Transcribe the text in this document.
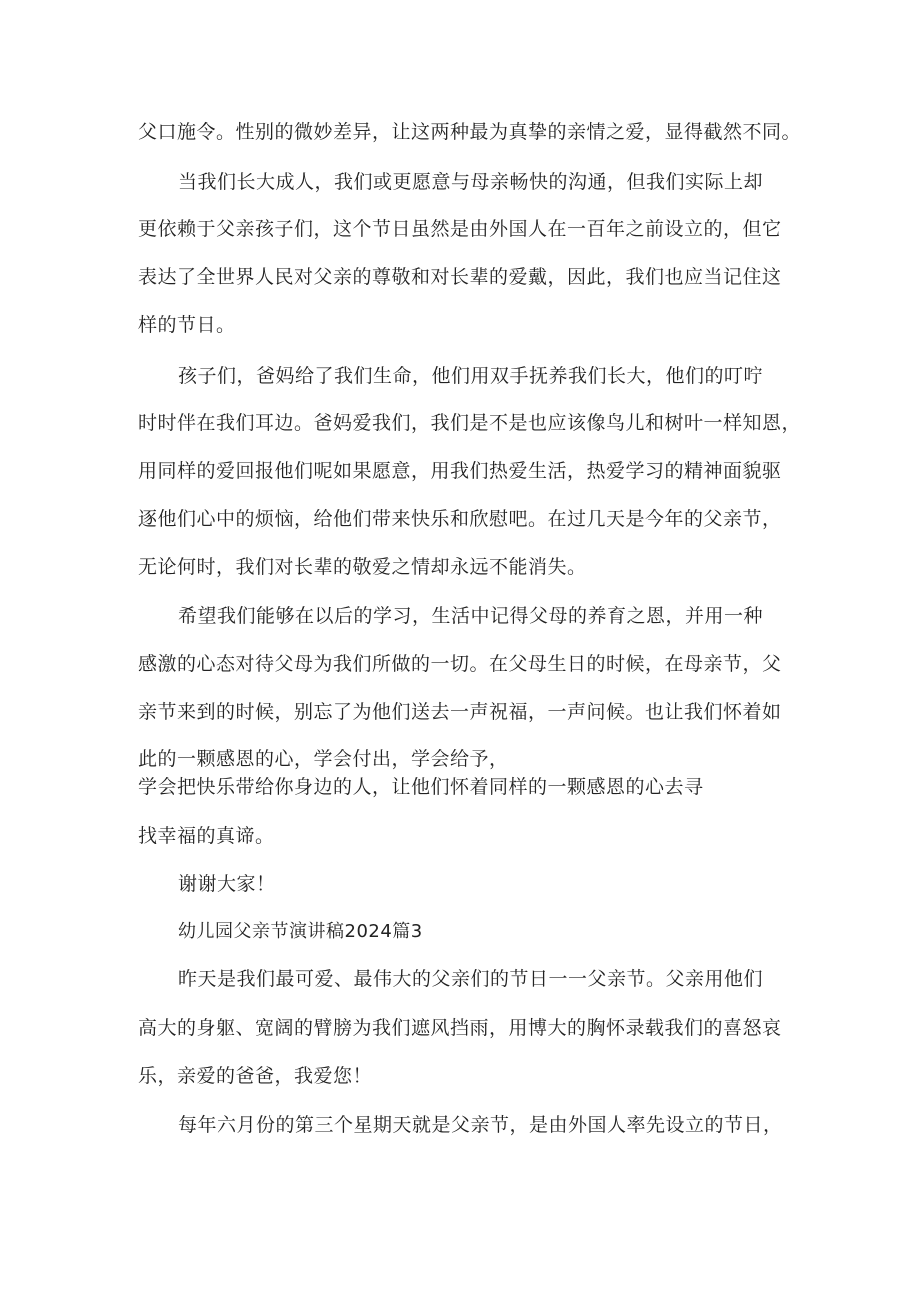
父口施令。性别的微妙差异，让这两种最为真挚的亲情之爱，显得截然不同。
当我们长大成人，我们或更愿意与母亲畅快的沟通，但我们实际上却
更依赖于父亲孩子们，这个节日虽然是由外国人在一百年之前设立的，但它
表达了全世界人民对父亲的尊敬和对长辈的爱戴，因此，我们也应当记住这
样的节日。
孩子们，爸妈给了我们生命，他们用双手抚养我们长大，他们的叮咛
时时伴在我们耳边。爸妈爱我们，我们是不是也应该像鸟儿和树叶一样知恩，
用同样的爱回报他们呢如果愿意，用我们热爱生活，热爱学习的精神面貌驱
逐他们心中的烦恼，给他们带来快乐和欣慰吧。在过几天是今年的父亲节，
无论何时，我们对长辈的敬爱之情却永远不能消失。
希望我们能够在以后的学习，生活中记得父母的养育之恩，并用一种
感激的心态对待父母为我们所做的一切。在父母生日的时候，在母亲节，父
亲节来到的时候，别忘了为他们送去一声祝福，一声问候。也让我们怀着如
此的一颗感恩的心，学会付出，学会给予，
学会把快乐带给你身边的人，让他们怀着同样的一颗感恩的心去寻
找幸福的真谛。
谢谢大家！
幼儿园父亲节演讲稿2024篇3
昨天是我们最可爱、最伟大的父亲们的节日一一父亲节。父亲用他们
高大的身躯、宽阔的臂膀为我们遮风挡雨，用博大的胸怀录载我们的喜怒哀
乐，亲爱的爸爸，我爱您！
每年六月份的第三个星期天就是父亲节，是由外国人率先设立的节日，
